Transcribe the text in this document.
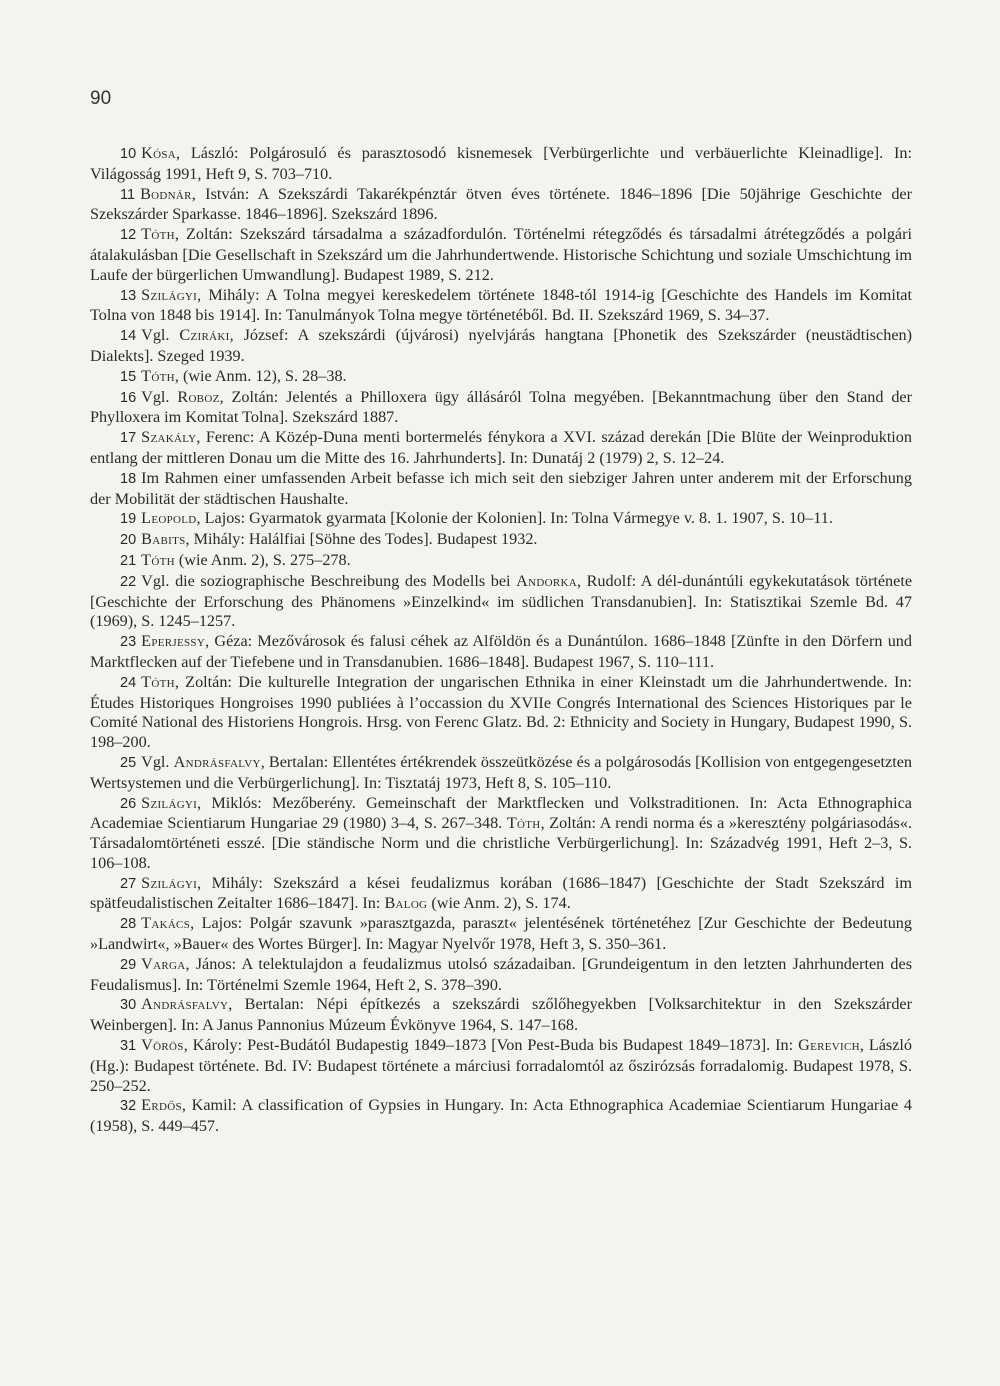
90

10 Kósa, László: Polgárosuló és parasztosodó kisnemesek [Verbürgerlichte und verbäuerlichte Kleinadlige]. In: Világosság 1991, Heft 9, S. 703–710.

11 Bodnár, István: A Szekszárdi Takarékpénztár ötven éves története. 1846–1896 [Die 50jährige Geschichte der Szekszárder Sparkasse. 1846–1896]. Szekszárd 1896.

12 Tóth, Zoltán: Szekszárd társadalma a századfordulón. Történelmi rétegződés és társadalmi átrétegződés a polgári átalakulásban [Die Gesellschaft in Szekszárd um die Jahrhundertwende. Historische Schichtung und soziale Umschichtung im Laufe der bürgerlichen Umwandlung]. Budapest 1989, S. 212.

13 Szilágyi, Mihály: A Tolna megyei kereskedelem története 1848-tól 1914-ig [Geschichte des Handels im Komitat Tolna von 1848 bis 1914]. In: Tanulmányok Tolna megye történetéből. Bd. II. Szekszárd 1969, S. 34–37.

14 Vgl. Cziráki, József: A szekszárdi (újvárosi) nyelvjárás hangtana [Phonetik des Szekszárder (neustädtischen) Dialekts]. Szeged 1939.

15 Tóth, (wie Anm. 12), S. 28–38.

16 Vgl. Roboz, Zoltán: Jelentés a Philloxera ügy állásáról Tolna megyében. [Bekanntmachung über den Stand der Phylloxera im Komitat Tolna]. Szekszárd 1887.

17 Szakály, Ferenc: A Közép-Duna menti bortermelés fénykora a XVI. század derekán [Die Blüte der Weinproduktion entlang der mittleren Donau um die Mitte des 16. Jahrhunderts]. In: Dunatáj 2 (1979) 2, S. 12–24.

18 Im Rahmen einer umfassenden Arbeit befasse ich mich seit den siebziger Jahren unter anderem mit der Erforschung der Mobilität der städtischen Haushalte.

19 Leopold, Lajos: Gyarmatok gyarmata [Kolonie der Kolonien]. In: Tolna Vármegye v. 8. 1. 1907, S. 10–11.

20 Babits, Mihály: Halálfiai [Söhne des Todes]. Budapest 1932.

21 Tóth (wie Anm. 2), S. 275–278.

22 Vgl. die soziographische Beschreibung des Modells bei Andorka, Rudolf: A dél-dunántúli egykekutatások története [Geschichte der Erforschung des Phänomens »Einzelkind« im südlichen Transdanubien]. In: Statisztikai Szemle Bd. 47 (1969), S. 1245–1257.

23 Eperjessy, Géza: Mezővárosok és falusi céhek az Alföldön és a Dunántúlon. 1686–1848 [Zünfte in den Dörfern und Marktflecken auf der Tiefebene und in Transdanubien. 1686–1848]. Budapest 1967, S. 110–111.

24 Tóth, Zoltán: Die kulturelle Integration der ungarischen Ethnika in einer Kleinstadt um die Jahrhundertwende. In: Études Historiques Hongroises 1990 publiées à l’occassion du XVIIe Congrés International des Sciences Historiques par le Comité National des Historiens Hongrois. Hrsg. von Ferenc Glatz. Bd. 2: Ethnicity and Society in Hungary, Budapest 1990, S. 198–200.

25 Vgl. Andrásfalvy, Bertalan: Ellentétes értékrendek összeütközése és a polgárosodás [Kollision von entgegengesetzten Wertsystemen und die Verbürgerlichung]. In: Tisztatáj 1973, Heft 8, S. 105–110.

26 Szilágyi, Miklós: Mezőberény. Gemeinschaft der Marktflecken und Volkstraditionen. In: Acta Ethnographica Academiae Scientiarum Hungariae 29 (1980) 3–4, S. 267–348. Tóth, Zoltán: A rendi norma és a »keresztény polgáriasodás«. Társadalomtörténeti esszé. [Die ständische Norm und die christliche Verbürgerlichung]. In: Századvég 1991, Heft 2–3, S. 106–108.

27 Szilágyi, Mihály: Szekszárd a kései feudalizmus korában (1686–1847) [Geschichte der Stadt Szekszárd im spätfeudalistischen Zeitalter 1686–1847]. In: Balog (wie Anm. 2), S. 174.

28 Takács, Lajos: Polgár szavunk »parasztgazda, paraszt« jelentésének történetéhez [Zur Geschichte der Bedeutung »Landwirt«, »Bauer« des Wortes Bürger]. In: Magyar Nyelvőr 1978, Heft 3, S. 350–361.

29 Varga, János: A telektulajdon a feudalizmus utolsó századaiban. [Grundeigentum in den letzten Jahrhunderten des Feudalismus]. In: Történelmi Szemle 1964, Heft 2, S. 378–390.

30 Andrásfalvy, Bertalan: Népi építkezés a szekszárdi szőlőhegyekben [Volksarchitektur in den Szekszárder Weinbergen]. In: A Janus Pannonius Múzeum Évkönyve 1964, S. 147–168.

31 Vörös, Károly: Pest-Budától Budapestig 1849–1873 [Von Pest-Buda bis Budapest 1849–1873]. In: Gerevich, László (Hg.): Budapest története. Bd. IV: Budapest története a márciusi forradalomtól az őszirózsás forradalomig. Budapest 1978, S. 250–252.

32 Erdős, Kamil: A classification of Gypsies in Hungary. In: Acta Ethnographica Academiae Scientiarum Hungariae 4 (1958), S. 449–457.
